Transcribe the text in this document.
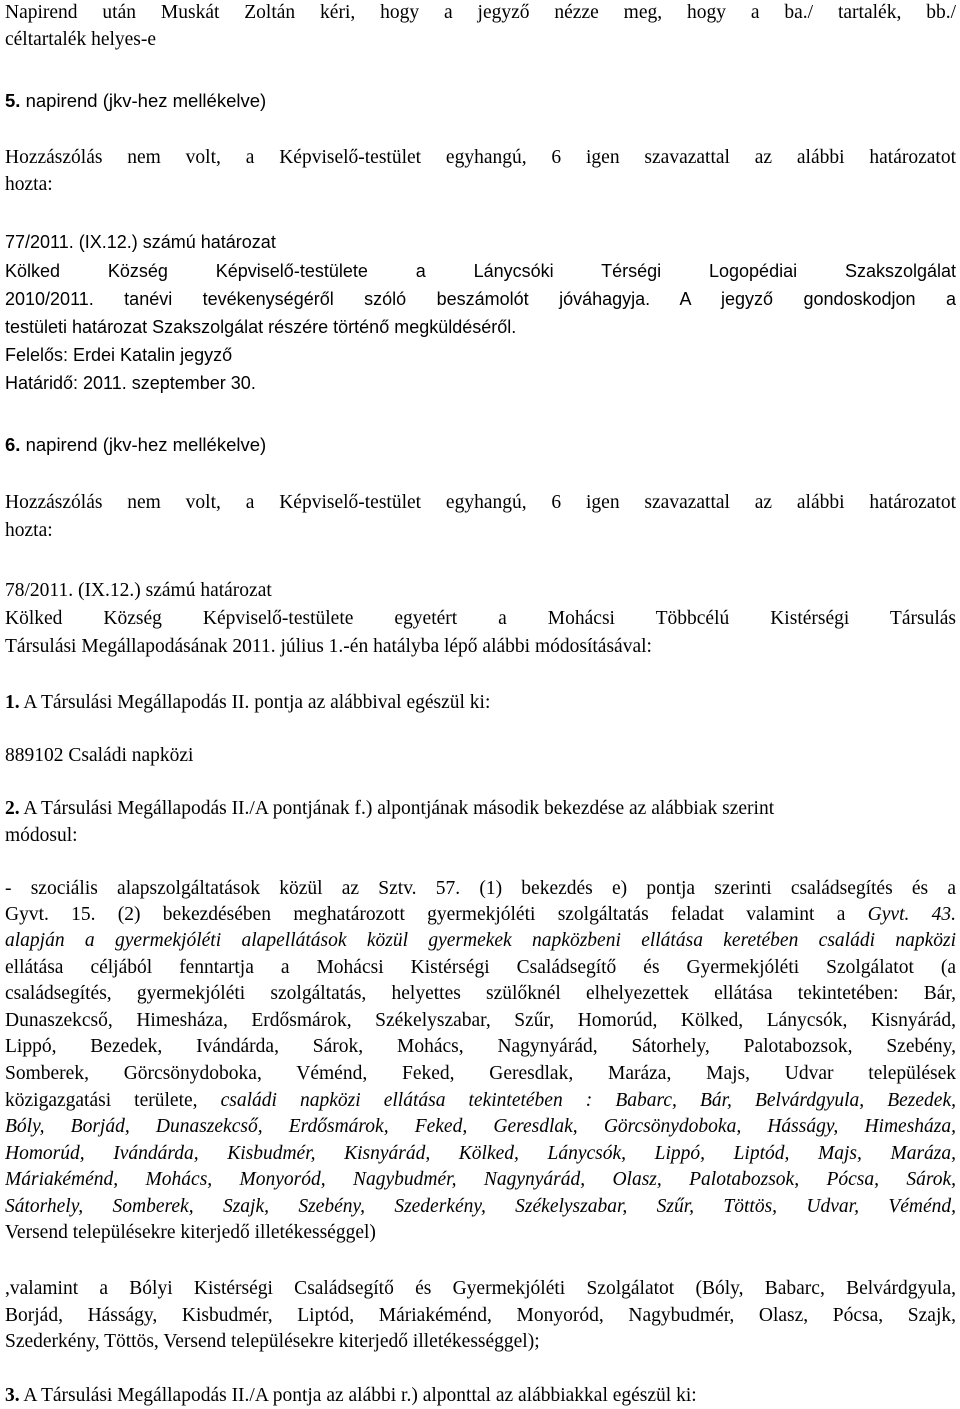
Napirend után Muskát Zoltán kéri, hogy a jegyző nézze meg, hogy a ba./ tartalék, bb./
céltartalék helyes-e
5. napirend (jkv-hez mellékelve)
Hozzászólás nem volt, a Képviselő-testület egyhangú, 6 igen szavazattal az alábbi határozatot
hozta:
77/2011. (IX.12.) számú határozat
Kölked Község Képviselő-testülete a Lánycsóki Térségi Logopédiai Szakszolgálat
2010/2011. tanévi tevékenységéről szóló beszámolót jóváhagyja. A jegyző gondoskodjon a
testületi határozat Szakszolgálat részére történő megküldéséről.
Felelős: Erdei Katalin jegyző
Határidő: 2011. szeptember 30.
6. napirend (jkv-hez mellékelve)
Hozzászólás nem volt, a Képviselő-testület egyhangú, 6 igen szavazattal az alábbi határozatot
hozta:
78/2011. (IX.12.) számú határozat
Kölked Község Képviselő-testülete egyetért a Mohácsi Többcélú Kistérségi Társulás
Társulási Megállapodásának 2011. július 1.-én hatályba lépő alábbi módosításával:
1. A Társulási Megállapodás II. pontja az alábbival egészül ki:
889102 Családi napközi
2. A Társulási Megállapodás II./A pontjának f.) alpontjának második bekezdése az alábbiak szerint
módosul:
- szociális alapszolgáltatások közül az Sztv. 57. (1) bekezdés e) pontja szerinti családsegítés és a
Gyvt. 15. (2) bekezdésében meghatározott gyermekjóléti szolgáltatás feladat valamint a Gyvt. 43.
alapján a gyermekjóléti alapellátások közül gyermekek napközbeni ellátása keretében családi napközi
ellátása céljából fenntartja a Mohácsi Kistérségi Családsegítő és Gyermekjóléti Szolgálatot (a
családsegítés, gyermekjóléti szolgáltatás, helyettes szülőknél elhelyezettek ellátása tekintetében: Bár,
Dunaszekcső, Himesháza, Erdősmárok, Székelyszabar, Szűr, Homorúd, Kölked, Lánycsók, Kisnyárád,
Lippó, Bezedek, Ivándárda, Sárok, Mohács, Nagynyárád, Sátorhely, Palotabozsok, Szebény,
Somberek, Görcsönydoboka, Véménd, Feked, Geresdlak, Maráza, Majs, Udvar települések
közigazgatási területe, családi napközi ellátása tekintetében : Babarc, Bár, Belvárdgyula, Bezedek,
Bóly, Borjád, Dunaszekcső, Erdősmárok, Feked, Geresdlak, Görcsönydoboka, Hásságy, Himesháza,
Homorúd, Ivándárda, Kisbudmér, Kisnyárád, Kölked, Lánycsók, Lippó, Liptód, Majs, Maráza,
Máriakéménd, Mohács, Monyoród, Nagybudmér, Nagynyárád, Olasz, Palotabozsok, Pócsa, Sárok,
Sátorhely, Somberek, Szajk, Szebény, Szederkény, Székelyszabar, Szűr, Töttös, Udvar, Véménd,
Versend településekre kiterjedő illetékességgel)
,valamint a Bólyi Kistérségi Családsegítő és Gyermekjóléti Szolgálatot (Bóly, Babarc, Belvárdgyula,
Borjád, Hásságy, Kisbudmér, Liptód, Máriakéménd, Monyoród, Nagybudmér, Olasz, Pócsa, Szajk,
Szederkény, Töttös, Versend településekre kiterjedő illetékességgel);
3. A Társulási Megállapodás II./A pontja az alábbi r.) alponttal az alábbiakkal egészül ki:
